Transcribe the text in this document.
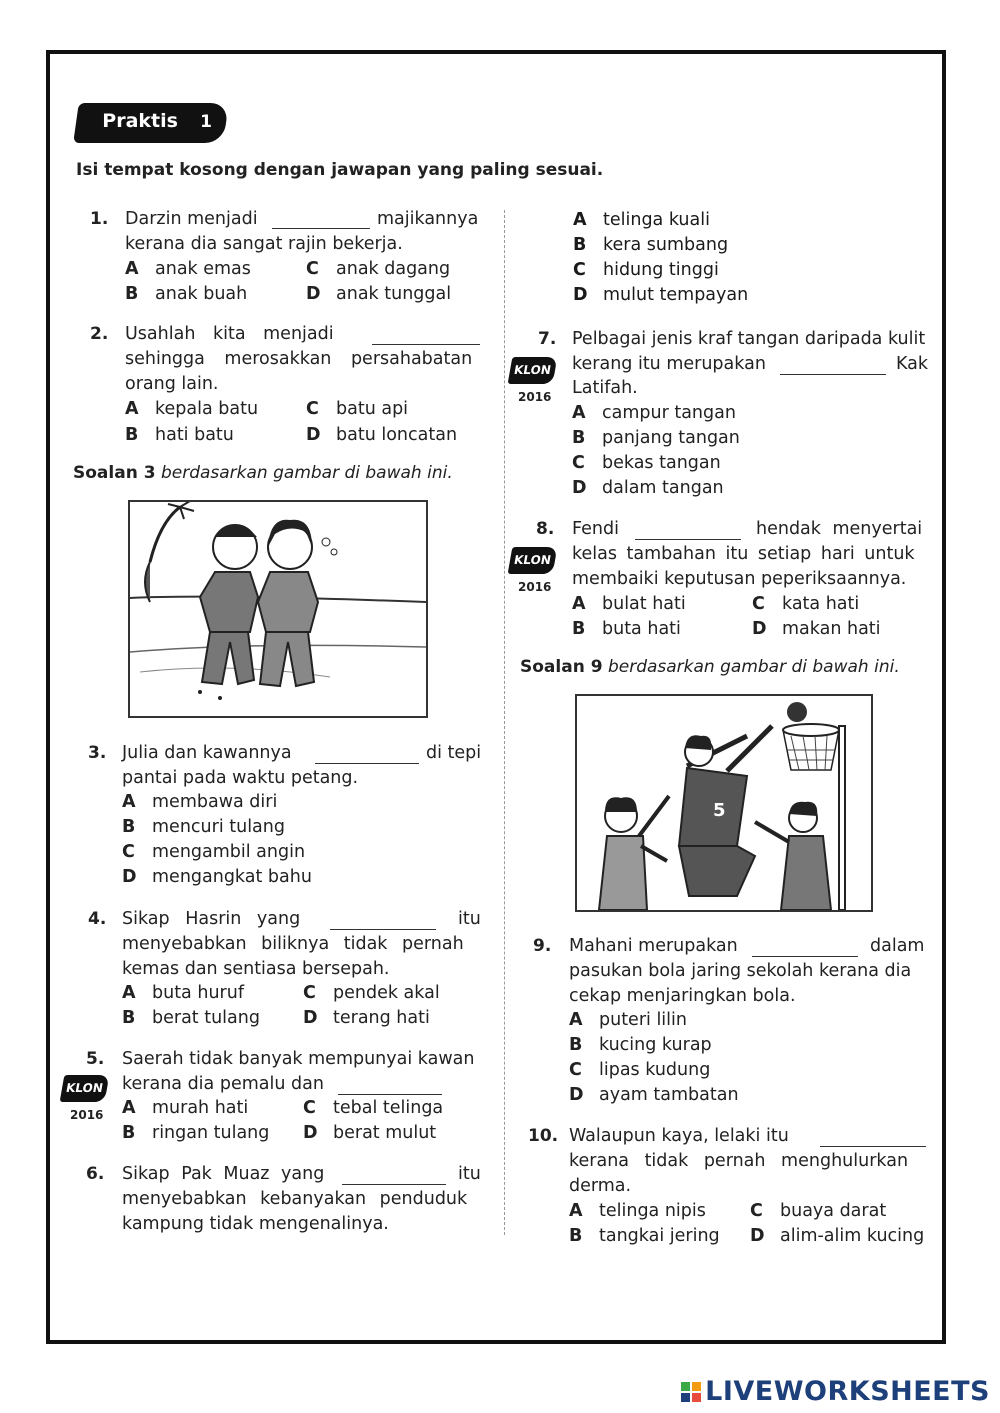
Praktis 1
Isi tempat kosong dengan jawapan yang paling sesuai.
1. Darzin menjadi	majikannya
kerana dia sangat rajin bekerja.
A anak emas	C anak dagang
B anak buah	D anak tunggal
2. Usahlah kita menjadi
sehingga merosakkan persahabatan
orang lain.
A kepala batu	C batu api
B hati batu	D batu loncatan
Soalan 3 berdasarkan gambar di bawah ini.
3. Julia dan kawannya	di tepi
pantai pada waktu petang.
A membawa diri
B mencuri tulang
C mengambil angin
D mengangkat bahu
4. Sikap Hasrin yang	itu
menyebabkan biliknya tidak pernah
kemas dan sentiasa bersepah.
A buta huruf	C pendek akal
B berat tulang D terang hati
5. Saerah tidak banyak mempunyai kawan
KLON
2016
kerana dia pemalu dan
A murah hati	C tebal telinga
B ringan tulang D berat mulut
6. Sikap Pak Muaz yang	itu
menyebabkan kebanyakan penduduk
kampung tidak mengenalinya.
A telinga kuali
B kera sumbang
C hidung tinggi
D mulut tempayan
7. Pelbagai jenis kraf tangan daripada kulit
KLON
2016
kerang itu merupakan	Kak
Latifah.
A campur tangan
B panjang tangan
C bekas tangan
D dalam tangan
8. Fendi	hendak menyertai
KLON
2016
kelas tambahan itu setiap hari untuk
membaiki keputusan peperiksaannya.
A bulat hati	C kata hati
B buta hati	D makan hati
Soalan 9 berdasarkan gambar di bawah ini.
5
9. Mahani merupakan	dalam
pasukan bola jaring sekolah kerana dia
cekap menjaringkan bola.
A puteri lilin
B kucing kurap
C lipas kudung
D ayam tambatan
10. Walaupun kaya, lelaki itu
kerana tidak pernah menghulurkan
derma.
A telinga nipis	C buaya darat
B tangkai jering D alim-alim kucing
LIVEWORKSHEETS
